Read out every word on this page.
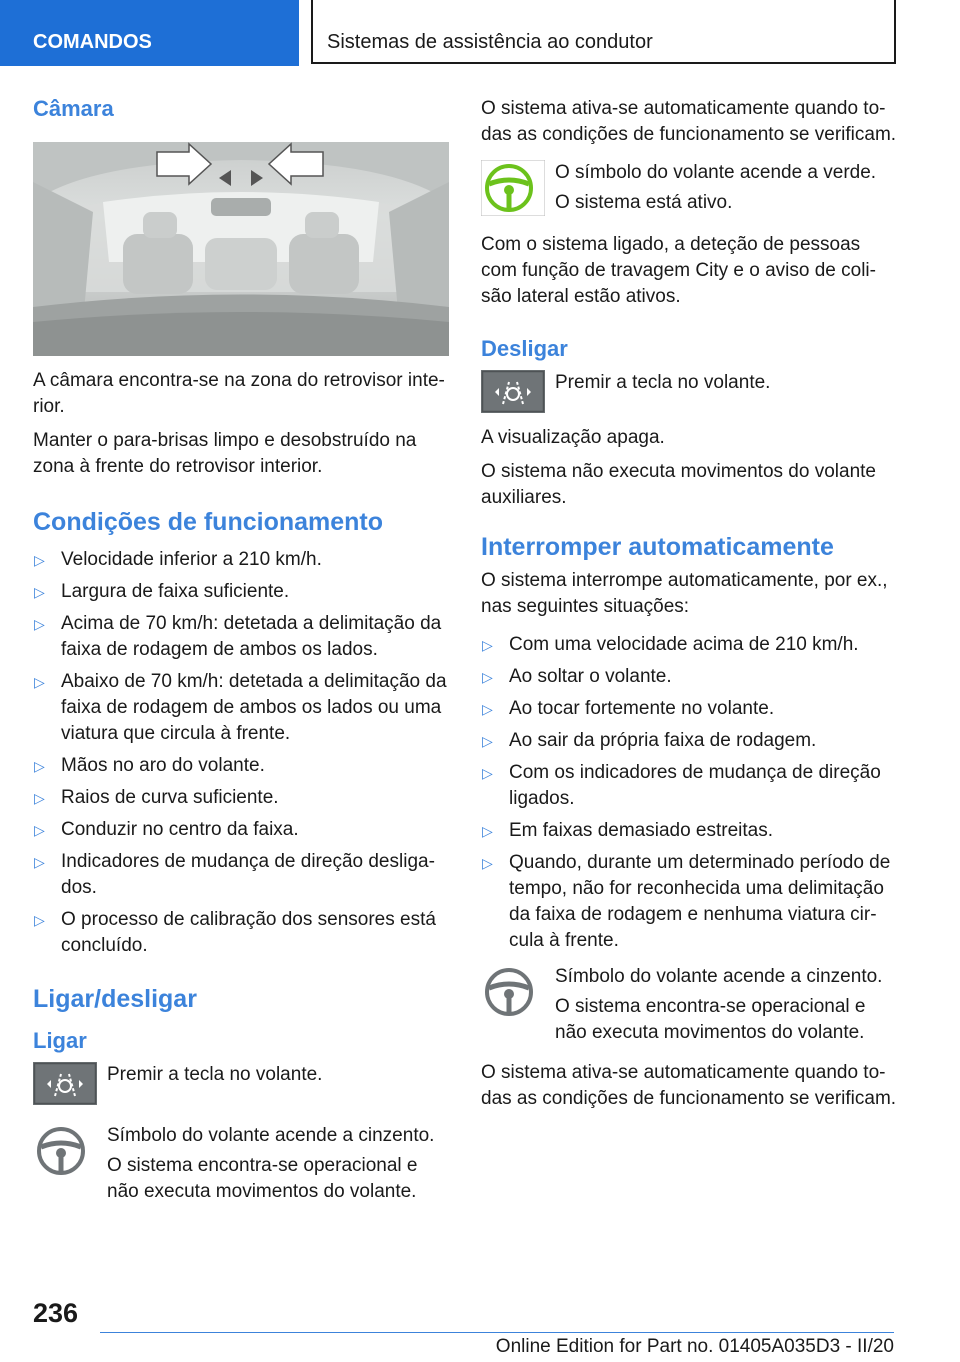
COMANDOS	Sistemas de assistência ao condutor
Câmara

A câmara encontra-se na zona do retrovisor inte-rior.

Manter o para-brisas limpo e desobstruído na zona à frente do retrovisor interior.

Condições de funcionamento
▷ Velocidade inferior a 210 km/h.
▷ Largura de faixa suficiente.
▷ Acima de 70 km/h: detetada a delimitação da faixa de rodagem de ambos os lados.
▷ Abaixo de 70 km/h: detetada a delimitação da faixa de rodagem de ambos os lados ou uma viatura que circula à frente.
▷ Mãos no aro do volante.
▷ Raios de curva suficiente.
▷ Conduzir no centro da faixa.
▷ Indicadores de mudança de direção desliga-dos.
▷ O processo de calibração dos sensores está concluído.
Ligar/desligar
Ligar

Premir a tecla no volante.

Símbolo do volante acende a cinzento.

O sistema encontra-se operacional e não executa movimentos do volante.

O sistema ativa-se automaticamente quando to-das as condições de funcionamento se verificam.

O símbolo do volante acende a verde.

O sistema está ativo.

Com o sistema ligado, a deteção de pessoas com função de travagem City e o aviso de coli-são lateral estão ativos.

Desligar

Premir a tecla no volante.

A visualização apaga.

O sistema não executa movimentos do volante auxiliares.

Interromper automaticamente

O sistema interrompe automaticamente, por ex., nas seguintes situações:

▷ Com uma velocidade acima de 210 km/h.
▷ Ao soltar o volante.
▷ Ao tocar fortemente no volante.
▷ Ao sair da própria faixa de rodagem.
▷ Com os indicadores de mudança de direção ligados.
▷ Em faixas demasiado estreitas.
▷ Quando, durante um determinado período de tempo, não for reconhecida uma delimitação da faixa de rodagem e nenhuma viatura cir-cula à frente.

Símbolo do volante acende a cinzento.

O sistema encontra-se operacional e não executa movimentos do volante.

O sistema ativa-se automaticamente quando to-das as condições de funcionamento se verificam.

236
Online Edition for Part no. 01405A035D3 - II/20
